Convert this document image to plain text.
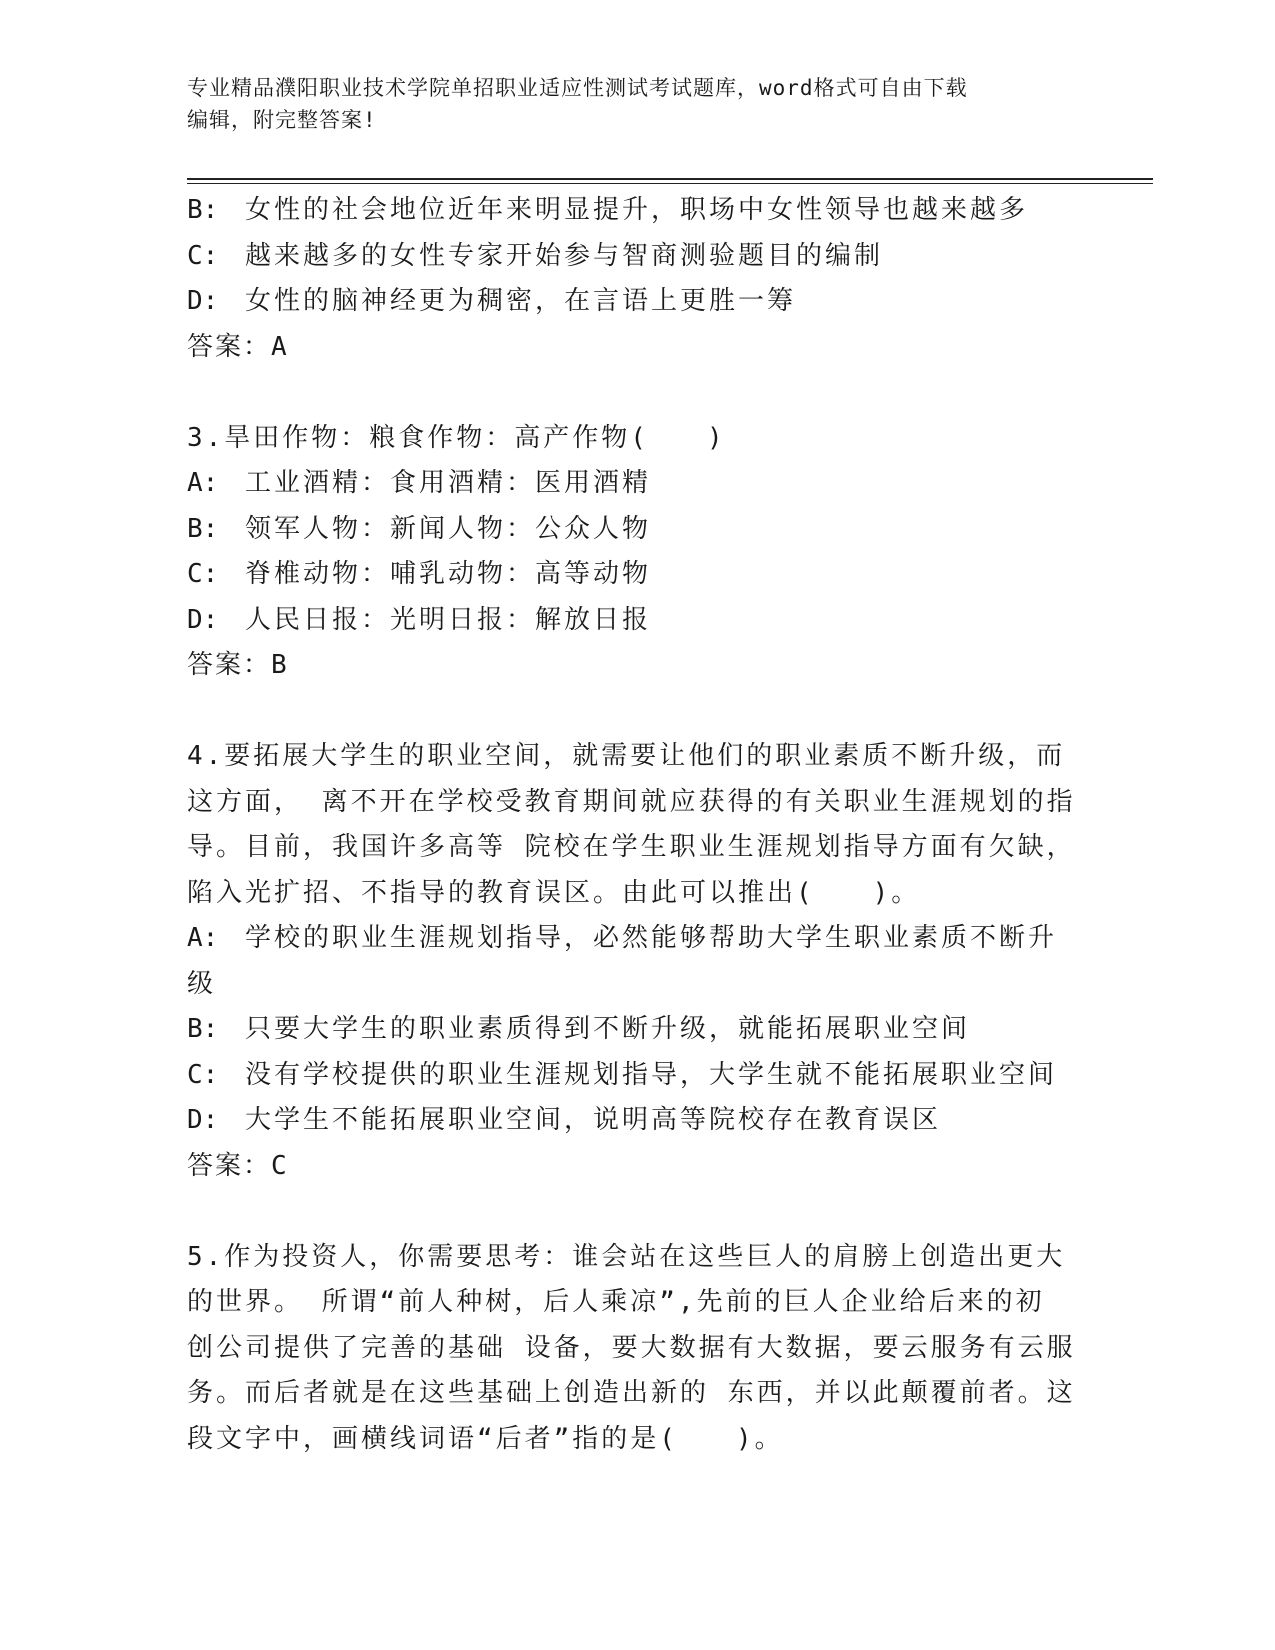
专业精品濮阳职业技术学院单招职业适应性测试考试题库，word格式可自由下载
编辑，附完整答案!
B: 女性的社会地位近年来明显提升，职场中女性领导也越来越多
C: 越来越多的女性专家开始参与智商测验题目的编制
D: 女性的脑神经更为稠密，在言语上更胜一筹
答案：A
3.旱田作物：粮食作物：高产作物(　　)
A: 工业酒精：食用酒精：医用酒精
B: 领军人物：新闻人物：公众人物
C: 脊椎动物：哺乳动物：高等动物
D: 人民日报：光明日报：解放日报
答案：B
4.要拓展大学生的职业空间，就需要让他们的职业素质不断升级，而
这方面， 离不开在学校受教育期间就应获得的有关职业生涯规划的指
导。目前，我国许多高等 院校在学生职业生涯规划指导方面有欠缺，
陷入光扩招、不指导的教育误区。由此可以推出(　　)。
A: 学校的职业生涯规划指导，必然能够帮助大学生职业素质不断升
级
B: 只要大学生的职业素质得到不断升级，就能拓展职业空间
C: 没有学校提供的职业生涯规划指导，大学生就不能拓展职业空间
D: 大学生不能拓展职业空间，说明高等院校存在教育误区
答案：C
5.作为投资人，你需要思考：谁会站在这些巨人的肩膀上创造出更大
的世界。 所谓“前人种树，后人乘凉”,先前的巨人企业给后来的初
创公司提供了完善的基础 设备，要大数据有大数据，要云服务有云服
务。而后者就是在这些基础上创造出新的 东西，并以此颠覆前者。这
段文字中，画横线词语“后者”指的是(　　)。
